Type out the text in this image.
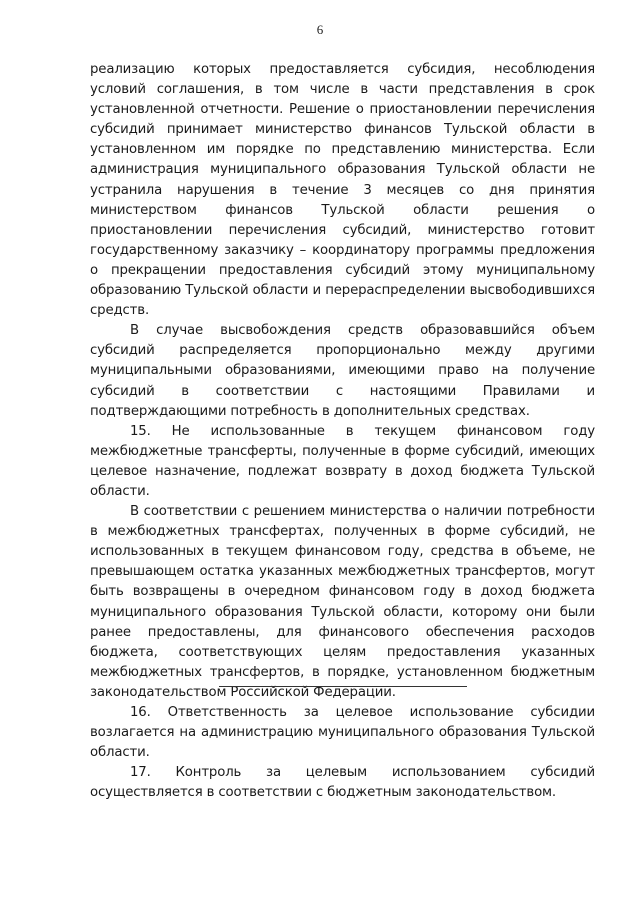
6

реализацию которых предоставляется субсидия, несоблюдения условий соглашения, в том числе в части представления в срок установленной отчетности. Решение о приостановлении перечисления субсидий принимает министерство финансов Тульской области в установленном им порядке по представлению министерства. Если администрация муниципального образования Тульской области не устранила нарушения в течение 3 месяцев со дня принятия министерством финансов Тульской области решения о приостановлении перечисления субсидий, министерство готовит государственному заказчику – координатору программы предложения о прекращении предоставления субсидий этому муниципальному образованию Тульской области и перераспределении высвободившихся средств.

В случае высвобождения средств образовавшийся объем субсидий распределяется пропорционально между другими муниципальными образованиями, имеющими право на получение субсидий в соответствии с настоящими Правилами и подтверждающими потребность в дополнительных средствах.

15. Не использованные в текущем финансовом году межбюджетные трансферты, полученные в форме субсидий, имеющих целевое назначение, подлежат возврату в доход бюджета Тульской области.

В соответствии с решением министерства о наличии потребности в межбюджетных трансфертах, полученных в форме субсидий, не использованных в текущем финансовом году, средства в объеме, не превышающем остатка указанных межбюджетных трансфертов, могут быть возвращены в очередном финансовом году в доход бюджета муниципального образования Тульской области, которому они были ранее предоставлены, для финансового обеспечения расходов бюджета, соответствующих целям предоставления указанных межбюджетных трансфертов, в порядке, установленном бюджетным законодательством Российской Федерации.

16. Ответственность за целевое использование субсидии возлагается на администрацию муниципального образования Тульской области.

17. Контроль за целевым использованием субсидий осуществляется в соответствии с бюджетным законодательством.
